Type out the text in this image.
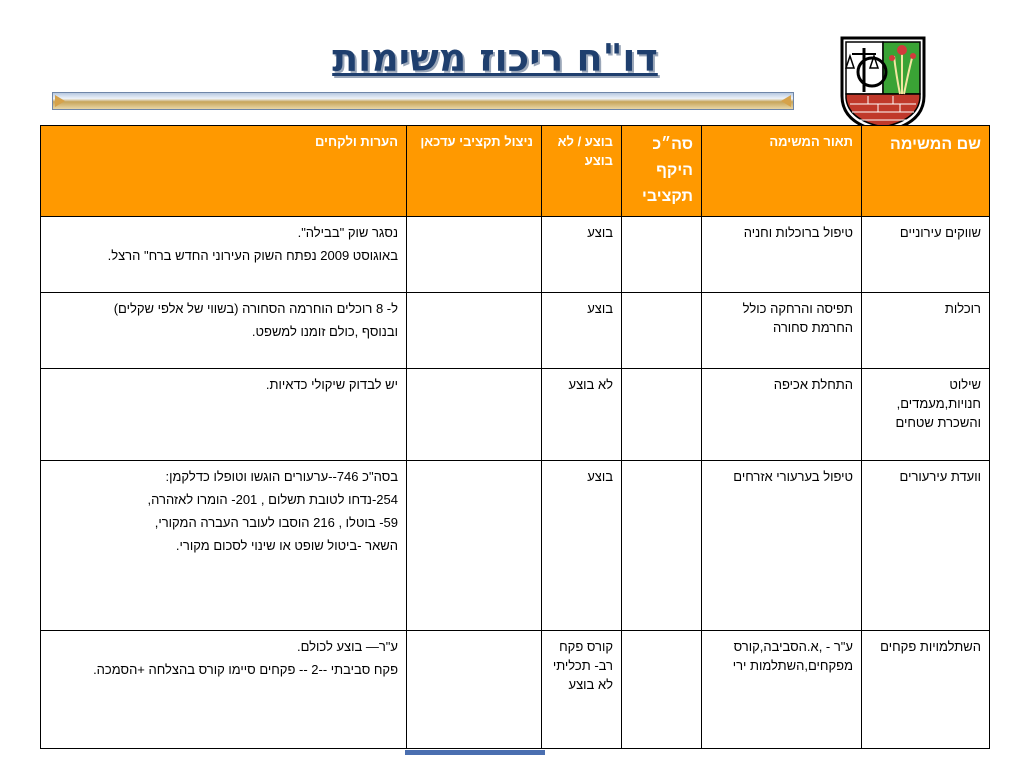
דו"ח ריכוז משימות
שם המשימה	תאור המשימה	סה״כ היקף תקציבי	בוצע / לא בוצע	ניצול תקציבי עדכאן	הערות ולקחים
שווקים עירוניים	טיפול ברוכלות וחניה		בוצע		נסגר שוק "בבילה".

באוגוסט 2009 נפתח השוק העירוני החדש ברח" הרצל.

רוכלות	תפיסה והרחקה כולל החרמת סחורה		בוצע		ל- 8 רוכלים הוחרמה הסחורה (בשווי של אלפי שקלים)

ובנוסף ,כולם זומנו למשפט.

שילוט חנויות,מעמדים, והשכרת שטחים	התחלת אכיפה		לא בוצע		יש לבדוק שיקולי כדאיות.

וועדת עירעורים	טיפול בערעורי אזרחים		בוצע		בסה"כ 746--ערעורים הוגשו וטופלו כדלקמן:

254-נדחו לטובת תשלום , 201- הומרו לאזהרה,

59- בוטלו , 216 הוסבו לעובר העברה המקורי,

השאר -ביטול שופט או שינוי לסכום מקורי.

השתלמויות פקחים	ע"ר - ,א.הסביבה,קורס מפקחים,השתלמות ירי		קורס פקח רב- תכליתי לא בוצע		ע"ר— בוצע לכולם.

פקח סביבתי --2 -- פקחים סיימו קורס בהצלחה +הסמכה.
